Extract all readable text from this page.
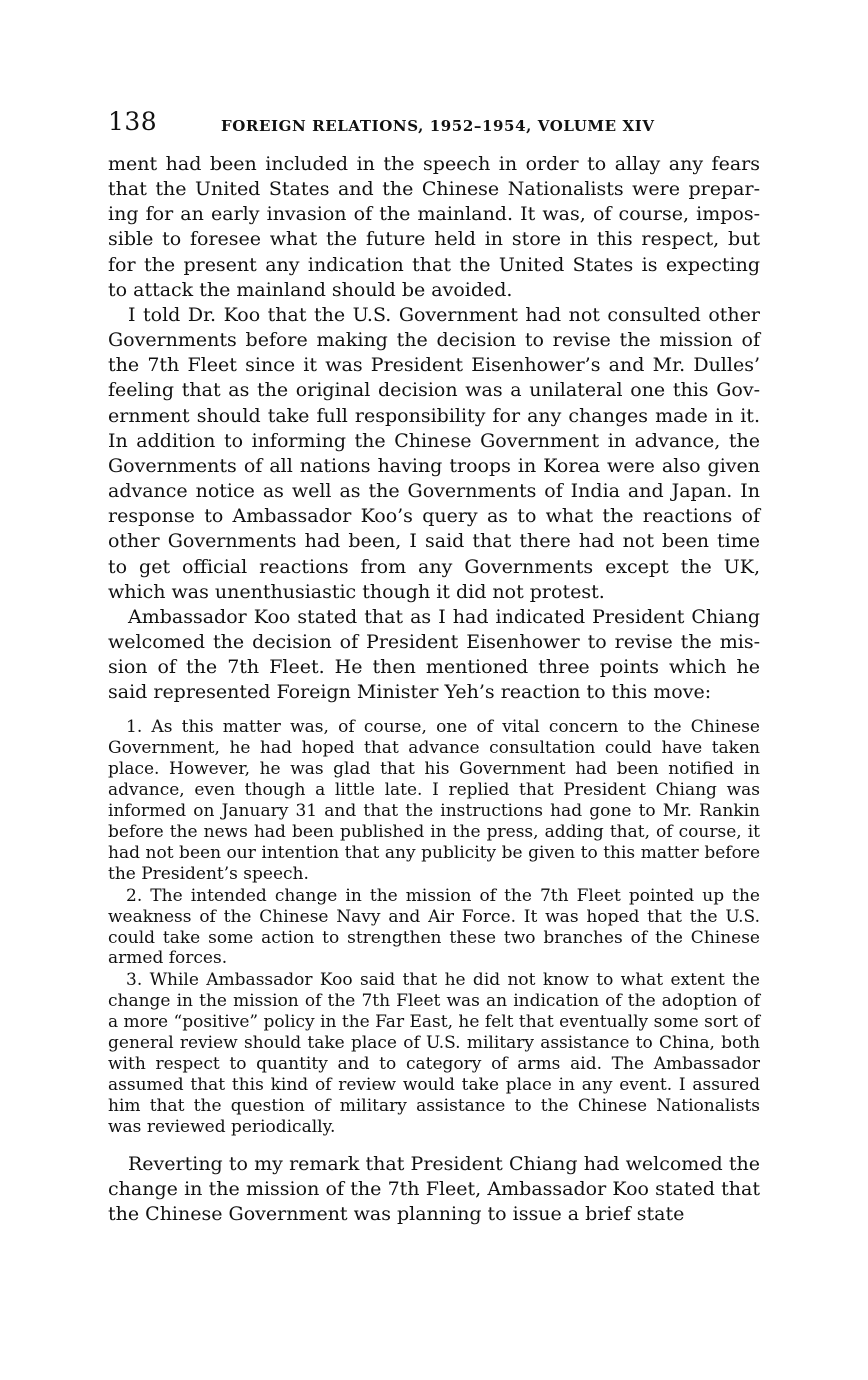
138	FOREIGN RELATIONS, 1952–1954, VOLUME XIV

ment had been included in the speech in order to allay any fears that the United States and the Chinese Nationalists were preparing for an early invasion of the mainland. It was, of course, impossible to foresee what the future held in store in this respect, but for the present any indication that the United States is expecting to attack the mainland should be avoided.

I told Dr. Koo that the U.S. Government had not consulted other Governments before making the decision to revise the mission of the 7th Fleet since it was President Eisenhower’s and Mr. Dulles’ feeling that as the original decision was a unilateral one this Government should take full responsibility for any changes made in it. In addition to informing the Chinese Government in advance, the Governments of all nations having troops in Korea were also given advance notice as well as the Governments of India and Japan. In response to Ambassador Koo’s query as to what the reactions of other Governments had been, I said that there had not been time to get official reactions from any Governments except the UK, which was unenthusiastic though it did not protest.

Ambassador Koo stated that as I had indicated President Chiang welcomed the decision of President Eisenhower to revise the mission of the 7th Fleet. He then mentioned three points which he said represented Foreign Minister Yeh’s reaction to this move:

1. As this matter was, of course, one of vital concern to the Chinese Government, he had hoped that advance consultation could have taken place. However, he was glad that his Government had been notified in advance, even though a little late. I replied that President Chiang was informed on January 31 and that the instructions had gone to Mr. Rankin before the news had been published in the press, adding that, of course, it had not been our intention that any publicity be given to this matter before the President’s speech.

2. The intended change in the mission of the 7th Fleet pointed up the weakness of the Chinese Navy and Air Force. It was hoped that the U.S. could take some action to strengthen these two branches of the Chinese armed forces.

3. While Ambassador Koo said that he did not know to what extent the change in the mission of the 7th Fleet was an indication of the adoption of a more “positive” policy in the Far East, he felt that eventually some sort of general review should take place of U.S. military assistance to China, both with respect to quantity and to category of arms aid. The Ambassador assumed that this kind of review would take place in any event. I assured him that the question of military assistance to the Chinese Nationalists was reviewed periodically.

Reverting to my remark that President Chiang had welcomed the change in the mission of the 7th Fleet, Ambassador Koo stated that the Chinese Government was planning to issue a brief state
